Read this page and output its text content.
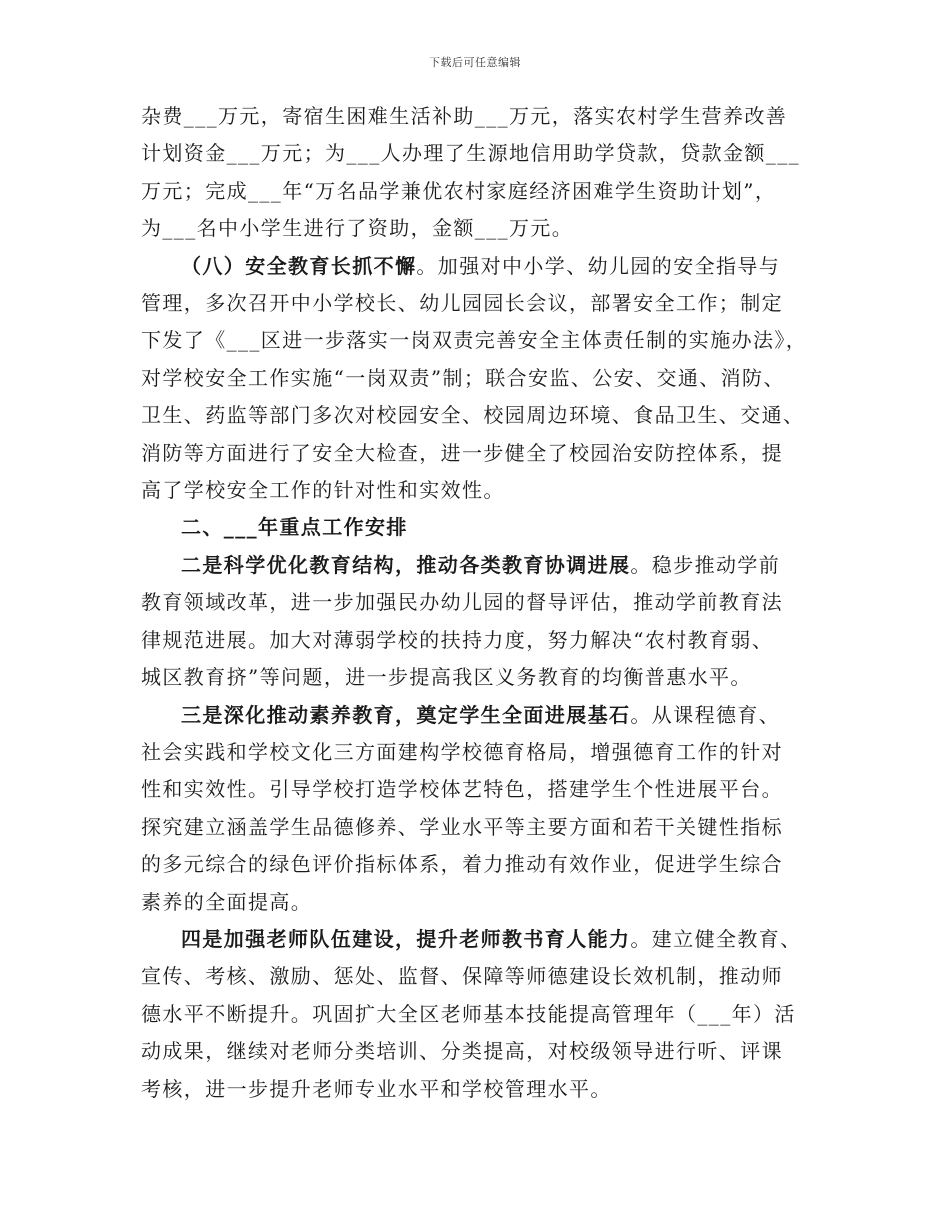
下载后可任意编辑
杂费___万元，寄宿生困难生活补助___万元，落实农村学生营养改善
计划资金___万元；为___人办理了生源地信用助学贷款，贷款金额___
万元；完成___年“万名品学兼优农村家庭经济困难学生资助计划”，
为___名中小学生进行了资助，金额___万元。
（八）安全教育长抓不懈。加强对中小学、幼儿园的安全指导与
管理，多次召开中小学校长、幼儿园园长会议，部署安全工作；制定
下发了《___区进一步落实一岗双责完善安全主体责任制的实施办法》，
对学校安全工作实施“一岗双责”制；联合安监、公安、交通、消防、
卫生、药监等部门多次对校园安全、校园周边环境、食品卫生、交通、
消防等方面进行了安全大检查，进一步健全了校园治安防控体系，提
高了学校安全工作的针对性和实效性。
二、___年重点工作安排
二是科学优化教育结构，推动各类教育协调进展。稳步推动学前
教育领域改革，进一步加强民办幼儿园的督导评估，推动学前教育法
律规范进展。加大对薄弱学校的扶持力度，努力解决“农村教育弱、
城区教育挤”等问题，进一步提高我区义务教育的均衡普惠水平。
三是深化推动素养教育，奠定学生全面进展基石。从课程德育、
社会实践和学校文化三方面建构学校德育格局，增强德育工作的针对
性和实效性。引导学校打造学校体艺特色，搭建学生个性进展平台。
探究建立涵盖学生品德修养、学业水平等主要方面和若干关键性指标
的多元综合的绿色评价指标体系，着力推动有效作业，促进学生综合
素养的全面提高。
四是加强老师队伍建设，提升老师教书育人能力。建立健全教育、
宣传、考核、激励、惩处、监督、保障等师德建设长效机制，推动师
德水平不断提升。巩固扩大全区老师基本技能提高管理年（___年）活
动成果，继续对老师分类培训、分类提高，对校级领导进行听、评课
考核，进一步提升老师专业水平和学校管理水平。
